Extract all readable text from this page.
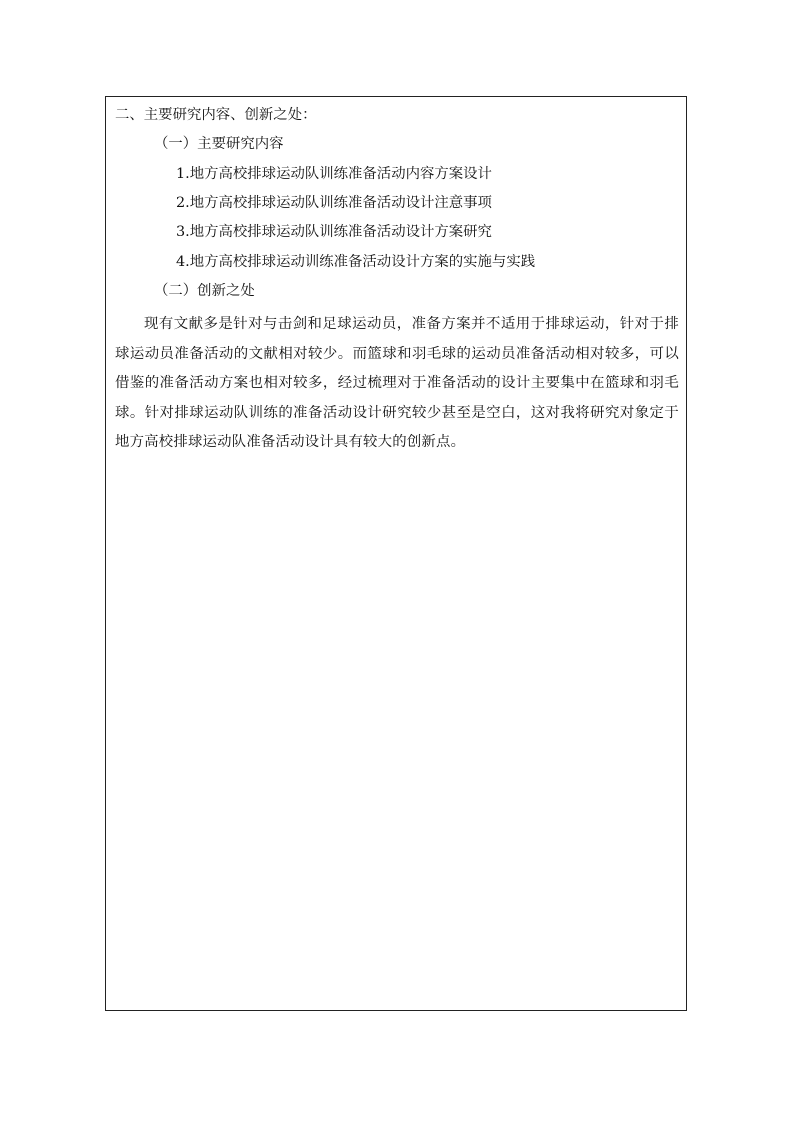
二、主要研究内容、创新之处：
（一）主要研究内容
1.地方高校排球运动队训练准备活动内容方案设计
2.地方高校排球运动队训练准备活动设计注意事项
3.地方高校排球运动队训练准备活动设计方案研究
4.地方高校排球运动训练准备活动设计方案的实施与实践
（二）创新之处
现有文献多是针对与击剑和足球运动员，准备方案并不适用于排球运动，针对于排球运动员准备活动的文献相对较少。而篮球和羽毛球的运动员准备活动相对较多，可以借鉴的准备活动方案也相对较多，经过梳理对于准备活动的设计主要集中在篮球和羽毛球。针对排球运动队训练的准备活动设计研究较少甚至是空白，这对我将研究对象定于地方高校排球运动队准备活动设计具有较大的创新点。
